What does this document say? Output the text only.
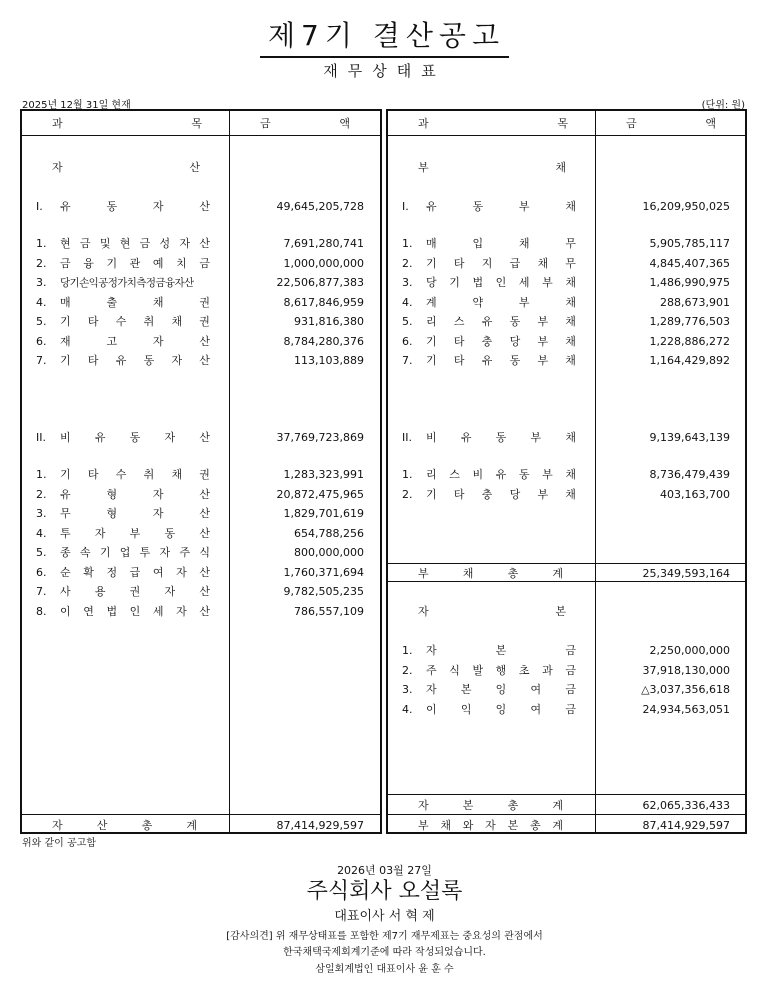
제7기 결산공고
재무상태표
2025년 12월 31일 현재	(단위: 원)
과	목	금	액
자	산
I. 유	동	자	산	49,645,205,728
1. 현 금 및 현 금 성 자 산	7,691,280,741
2. 금 융 기 관 예 치 금	1,000,000,000
3. 당기손익공정가치측정금융자산	22,506,877,383
4. 매	출	채	권	8,617,846,959
5. 기 타 수 취 채 권	931,816,380
6. 재	고	자	산	8,784,280,376
7. 기 타 유 동 자 산	113,103,889
II. 비 유 동 자 산	37,769,723,869
1. 기 타 수 취 채 권	1,283,323,991
2. 유	형	자	산	20,872,475,965
3. 무	형	자	산	1,829,701,619
4. 투 자 부 동 산	654,788,256
5. 종 속 기 업 투 자 주 식	800,000,000
6. 순 확 정 급 여 자 산	1,760,371,694
7. 사 용 권 자 산	9,782,505,235
8. 이 연 법 인 세 자 산	786,557,109
자	산	총	계	87,414,929,597
과	목	금	액
부	채
I. 유	동	부	채	16,209,950,025
1. 매	입	채	무	5,905,785,117
2. 기 타 지 급 채 무	4,845,407,365
3. 당 기 법 인 세 부 채	1,486,990,975
4. 계	약	부	채	288,673,901
5. 리 스 유 동 부 채	1,289,776,503
6. 기 타 충 당 부 채	1,228,886,272
7. 기 타 유 동 부 채	1,164,429,892
II. 비 유 동 부 채	9,139,643,139
1. 리 스 비 유 동 부 채	8,736,479,439
2. 기 타 충 당 부 채	403,163,700
부	채	총	계	25,349,593,164
자	본
1. 자	본	금	2,250,000,000
2. 주 식 발 행 초 과 금	37,918,130,000
3. 자 본 잉 여 금	△3,037,356,618
4. 이 익 잉 여 금	24,934,563,051
자	본	총	계	62,065,336,433
부 채 와 자 본 총 계	87,414,929,597
위와 같이 공고함
2026년 03월 27일
주식회사 오설록
대표이사 서 혁 제
[감사의견] 위 재무상태표를 포함한 제7기 재무제표는 중요성의 관점에서
한국채택국제회계기준에 따라 작성되었습니다.
삼일회계법인 대표이사 윤 훈 수
